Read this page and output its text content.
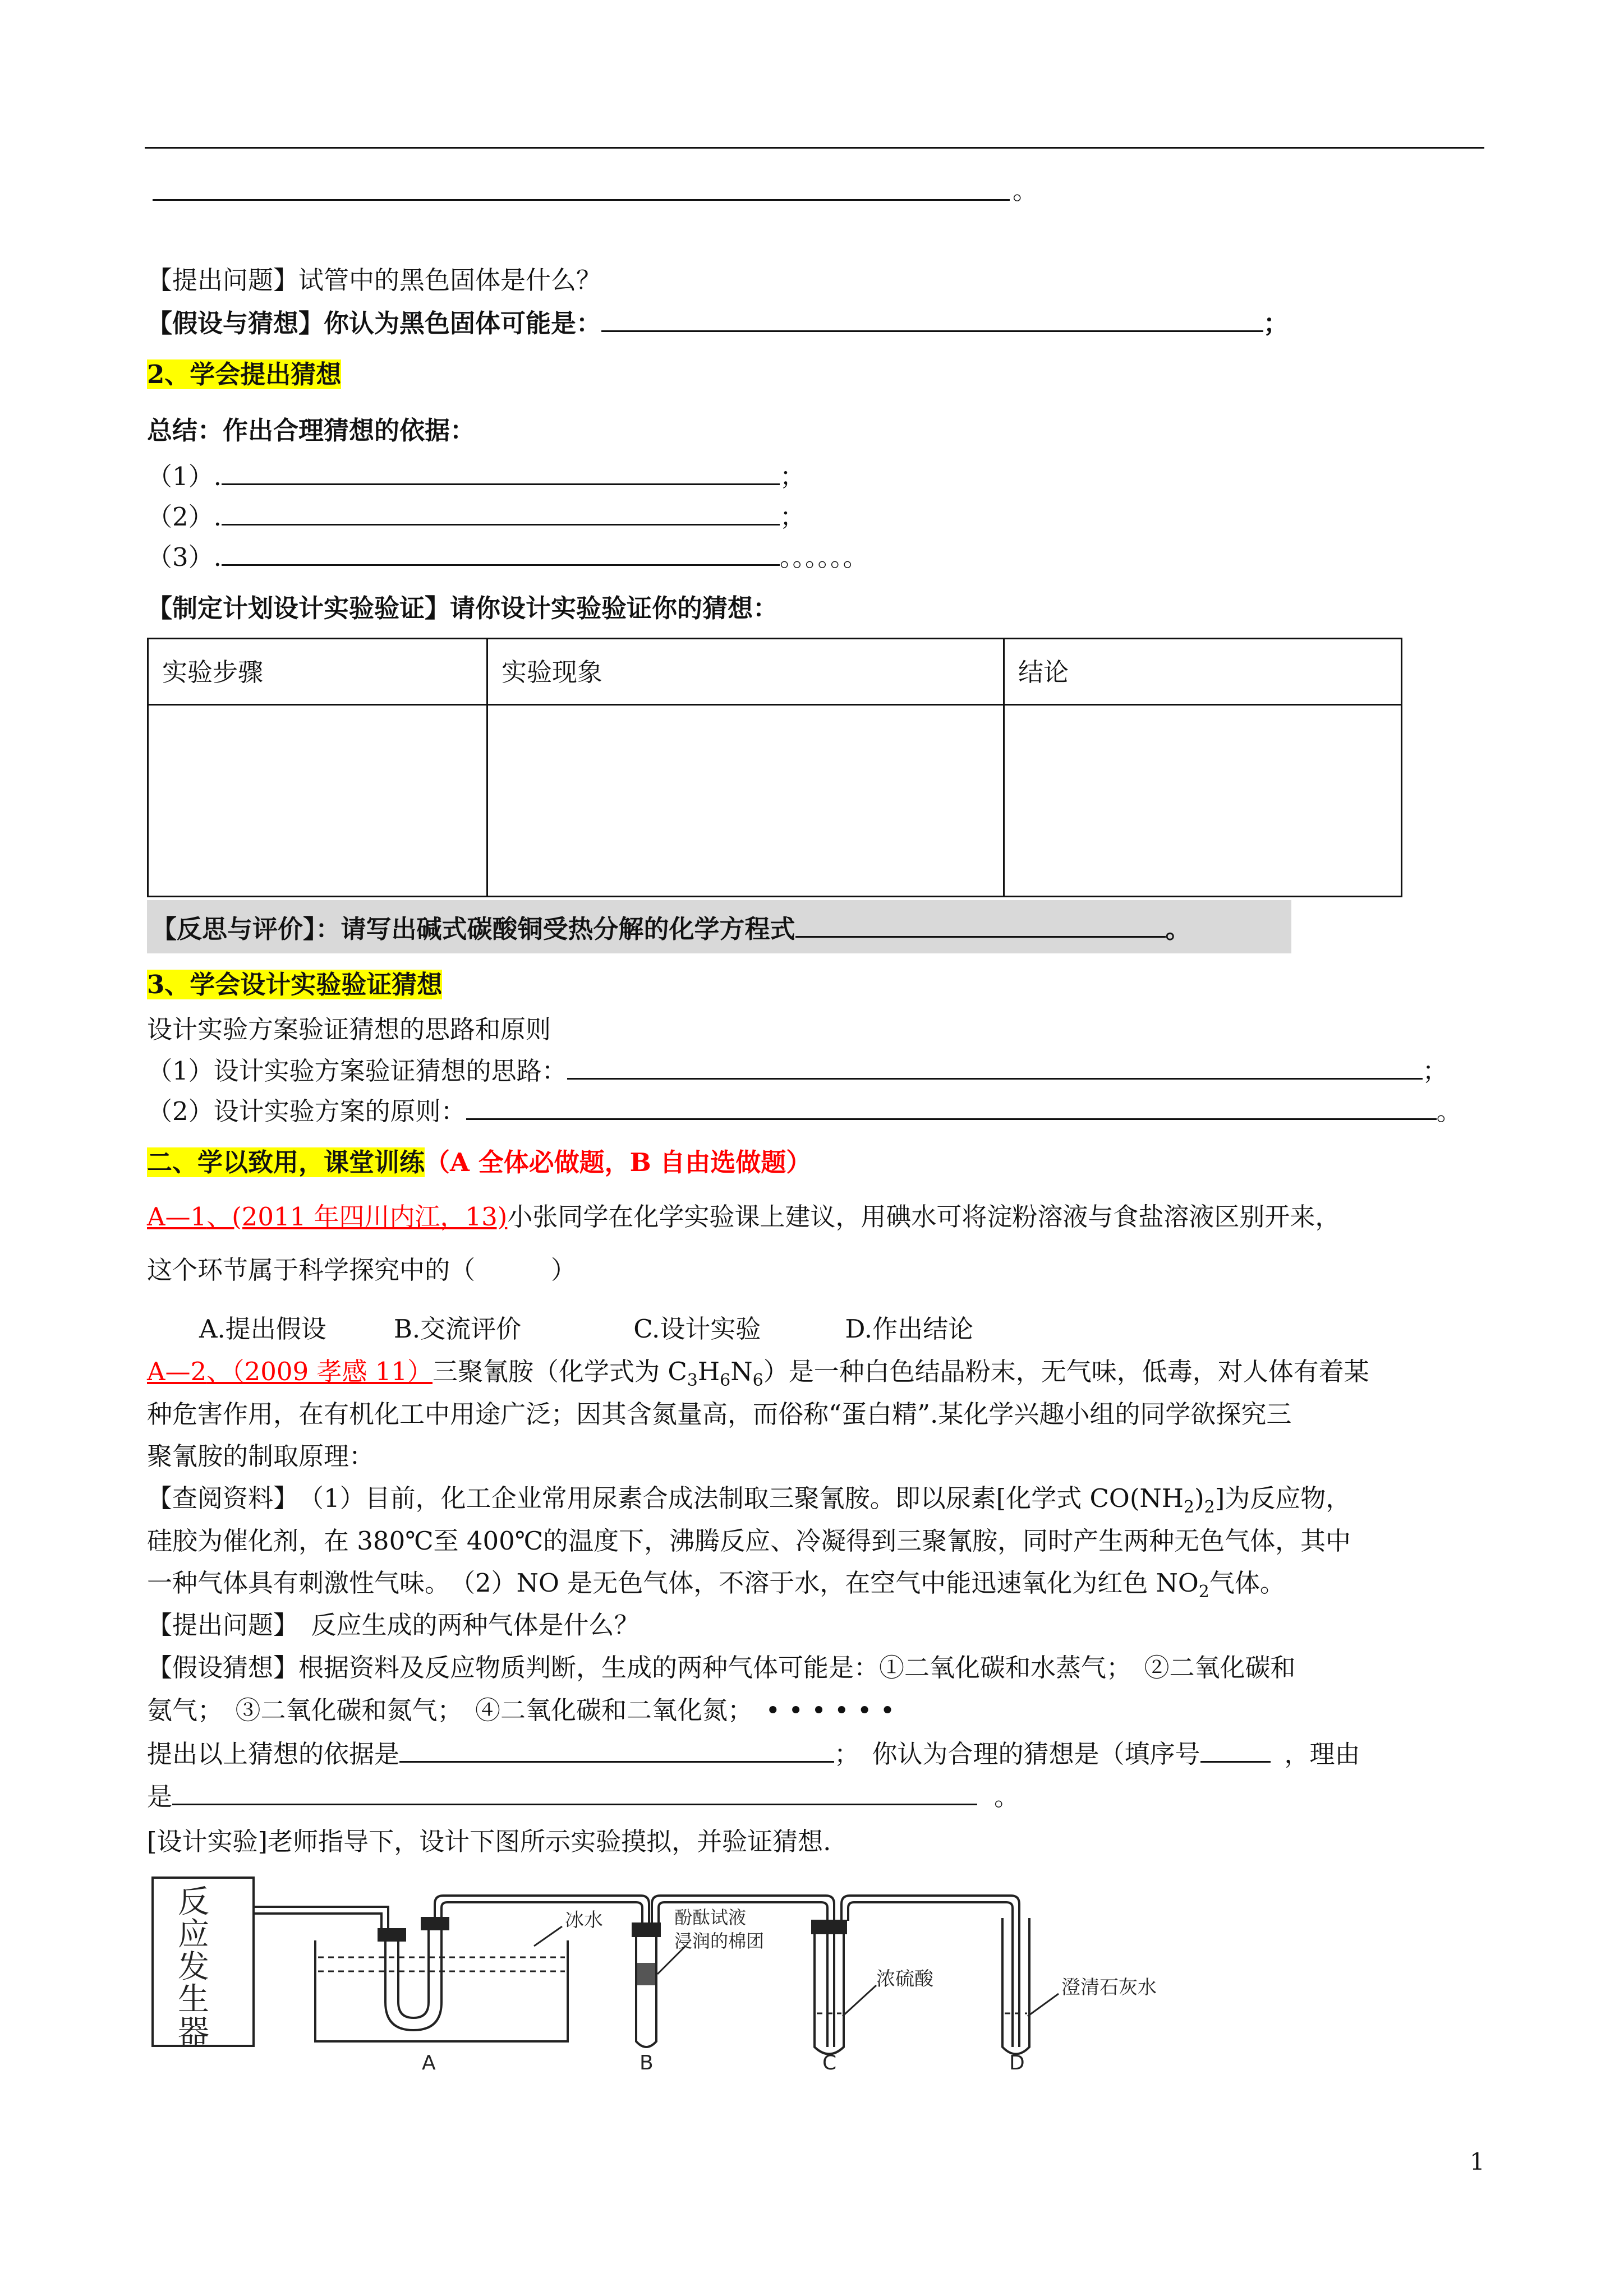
。
【提出问题】试管中的黑色固体是什么？
【假设与猜想】你认为黑色固体可能是：	；
2、学会提出猜想
总结：作出合理猜想的依据：
（1）.	；
（2）.	；
（3）.	。。。。。。
【制定计划设计实验验证】请你设计实验验证你的猜想：
实验步骤	实验现象	结论

【反思与评价】：请写出碱式碳酸铜受热分解的化学方程式	。
3、学会设计实验验证猜想
设计实验方案验证猜想的思路和原则
（1）设计实验方案验证猜想的思路：	；
（2）设计实验方案的原则：	。
二、学以致用，课堂训练（A 全体必做题，B 自由选做题）
A—1、(2011 年四川内江，13)小张同学在化学实验课上建议，用碘水可将淀粉溶液与食盐溶液区别开来，
这个环节属于科学探究中的（　　　）
A.提出假设	B.交流评价	C.设计实验	D.作出结论
A—2、（2009 孝感 11）三聚氰胺（化学式为 $C_3H_6N_6$）是一种白色结晶粉末，无气味，低毒，对人体有着某
种危害作用，在有机化工中用途广泛；因其含氮量高，而俗称“蛋白精”.某化学兴趣小组的同学欲探究三
聚氰胺的制取原理：
【查阅资料】　（1）目前，化工企业常用尿素合成法制取三聚氰胺。即以尿素[化学式 $CO(NH_2)_2$]为反应物，
硅胶为催化剂，在 380℃至 400℃的温度下，沸腾反应、冷凝得到三聚氰胺，同时产生两种无色气体，其中
一种气体具有刺激性气味。　（2）NO 是无色气体，不溶于水，在空气中能迅速氧化为红色 $NO_2$气体。
【提出问题】　反应生成的两种气体是什么？
【假设猜想】根据资料及反应物质判断，生成的两种气体可能是：①二氧化碳和水蒸气；　②二氧化碳和
氨气；　③二氧化碳和氮气；　④二氧化碳和二氧化氮；　• • • • • •
提出以上猜想的依据是	；　你认为合理的猜想是（填序号	，理由
是	。
[设计实验]老师指导下，设计下图所示实验摸拟，并验证猜想.
反
应
发
生
器
冰水	酚酞试液
浸润的棉团
浓硫酸	澄清石灰水
A	B	C	D
1
